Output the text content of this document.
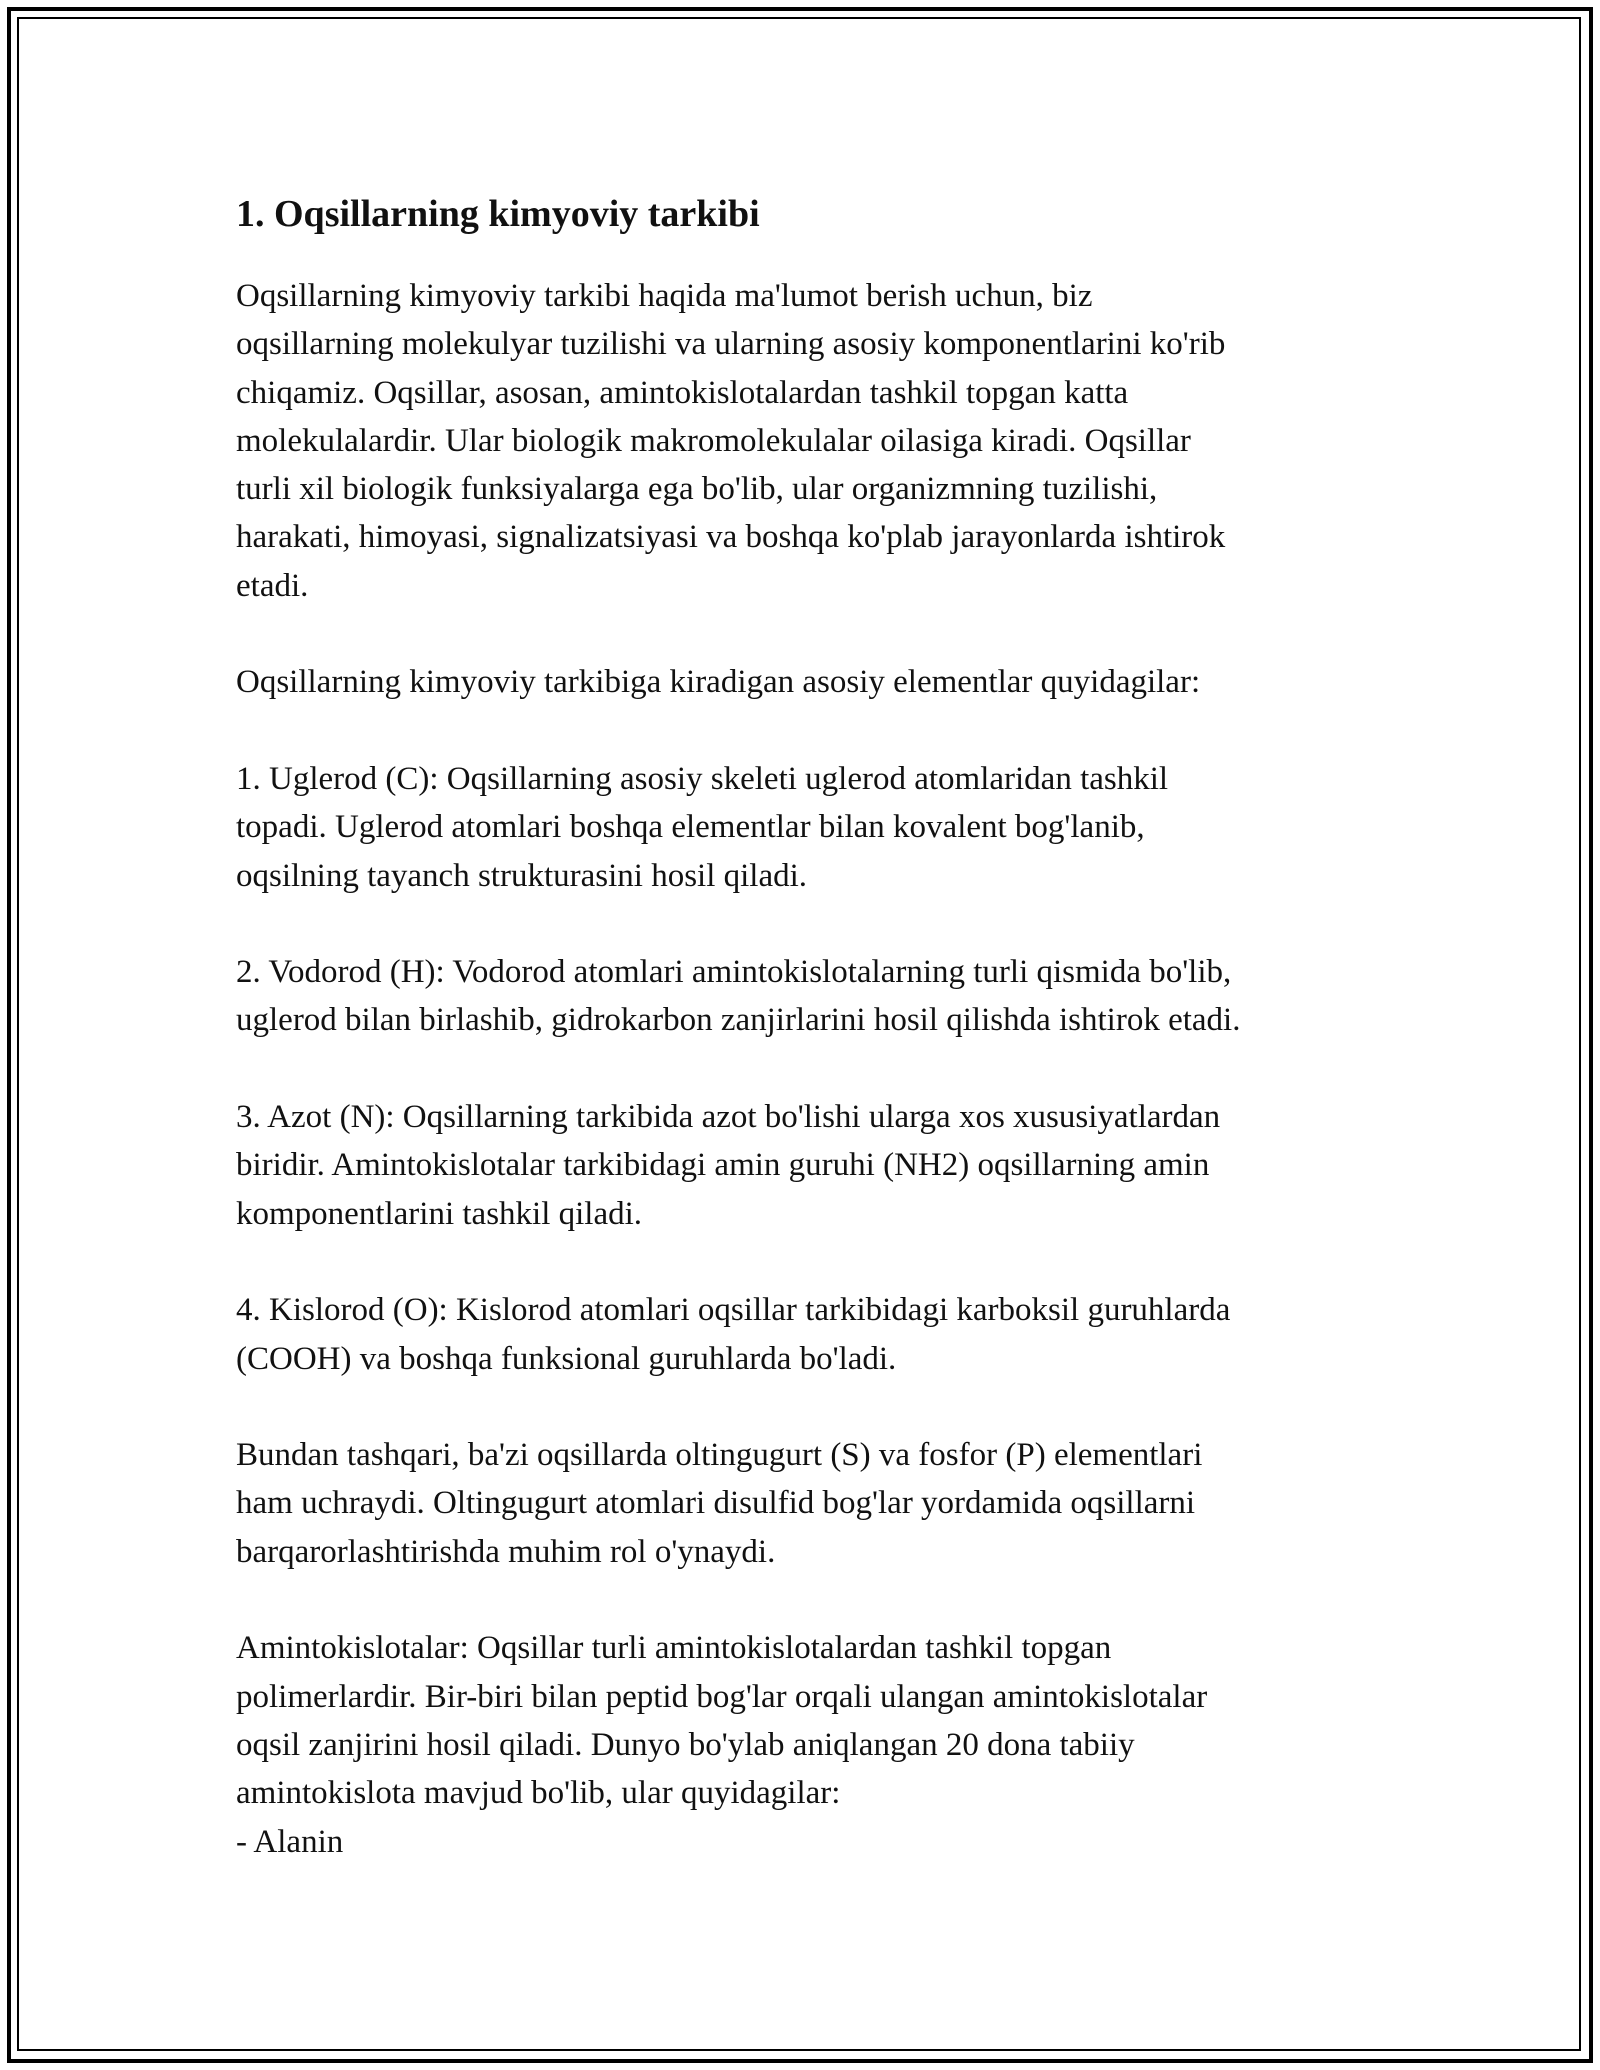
1. Oqsillarning kimyoviy tarkibi

Oqsillarning kimyoviy tarkibi haqida ma'lumot berish uchun, biz
oqsillarning molekulyar tuzilishi va ularning asosiy komponentlarini ko'rib
chiqamiz. Oqsillar, asosan, amintokislotalardan tashkil topgan katta
molekulalardir. Ular biologik makromolekulalar oilasiga kiradi. Oqsillar
turli xil biologik funksiyalarga ega bo'lib, ular organizmning tuzilishi,
harakati, himoyasi, signalizatsiyasi va boshqa ko'plab jarayonlarda ishtirok
etadi.

Oqsillarning kimyoviy tarkibiga kiradigan asosiy elementlar quyidagilar:

1. Uglerod (C): Oqsillarning asosiy skeleti uglerod atomlaridan tashkil
topadi. Uglerod atomlari boshqa elementlar bilan kovalent bog'lanib,
oqsilning tayanch strukturasini hosil qiladi.

2. Vodorod (H): Vodorod atomlari amintokislotalarning turli qismida bo'lib,
uglerod bilan birlashib, gidrokarbon zanjirlarini hosil qilishda ishtirok etadi.

3. Azot (N): Oqsillarning tarkibida azot bo'lishi ularga xos xususiyatlardan
biridir. Amintokislotalar tarkibidagi amin guruhi (NH2) oqsillarning amin
komponentlarini tashkil qiladi.

4. Kislorod (O): Kislorod atomlari oqsillar tarkibidagi karboksil guruhlarda
(COOH) va boshqa funksional guruhlarda bo'ladi.

Bundan tashqari, ba'zi oqsillarda oltingugurt (S) va fosfor (P) elementlari
ham uchraydi. Oltingugurt atomlari disulfid bog'lar yordamida oqsillarni
barqarorlashtirishda muhim rol o'ynaydi.

Amintokislotalar: Oqsillar turli amintokislotalardan tashkil topgan
polimerlardir. Bir-biri bilan peptid bog'lar orqali ulangan amintokislotalar
oqsil zanjirini hosil qiladi. Dunyo bo'ylab aniqlangan 20 dona tabiiy
amintokislota mavjud bo'lib, ular quyidagilar:
- Alanin
